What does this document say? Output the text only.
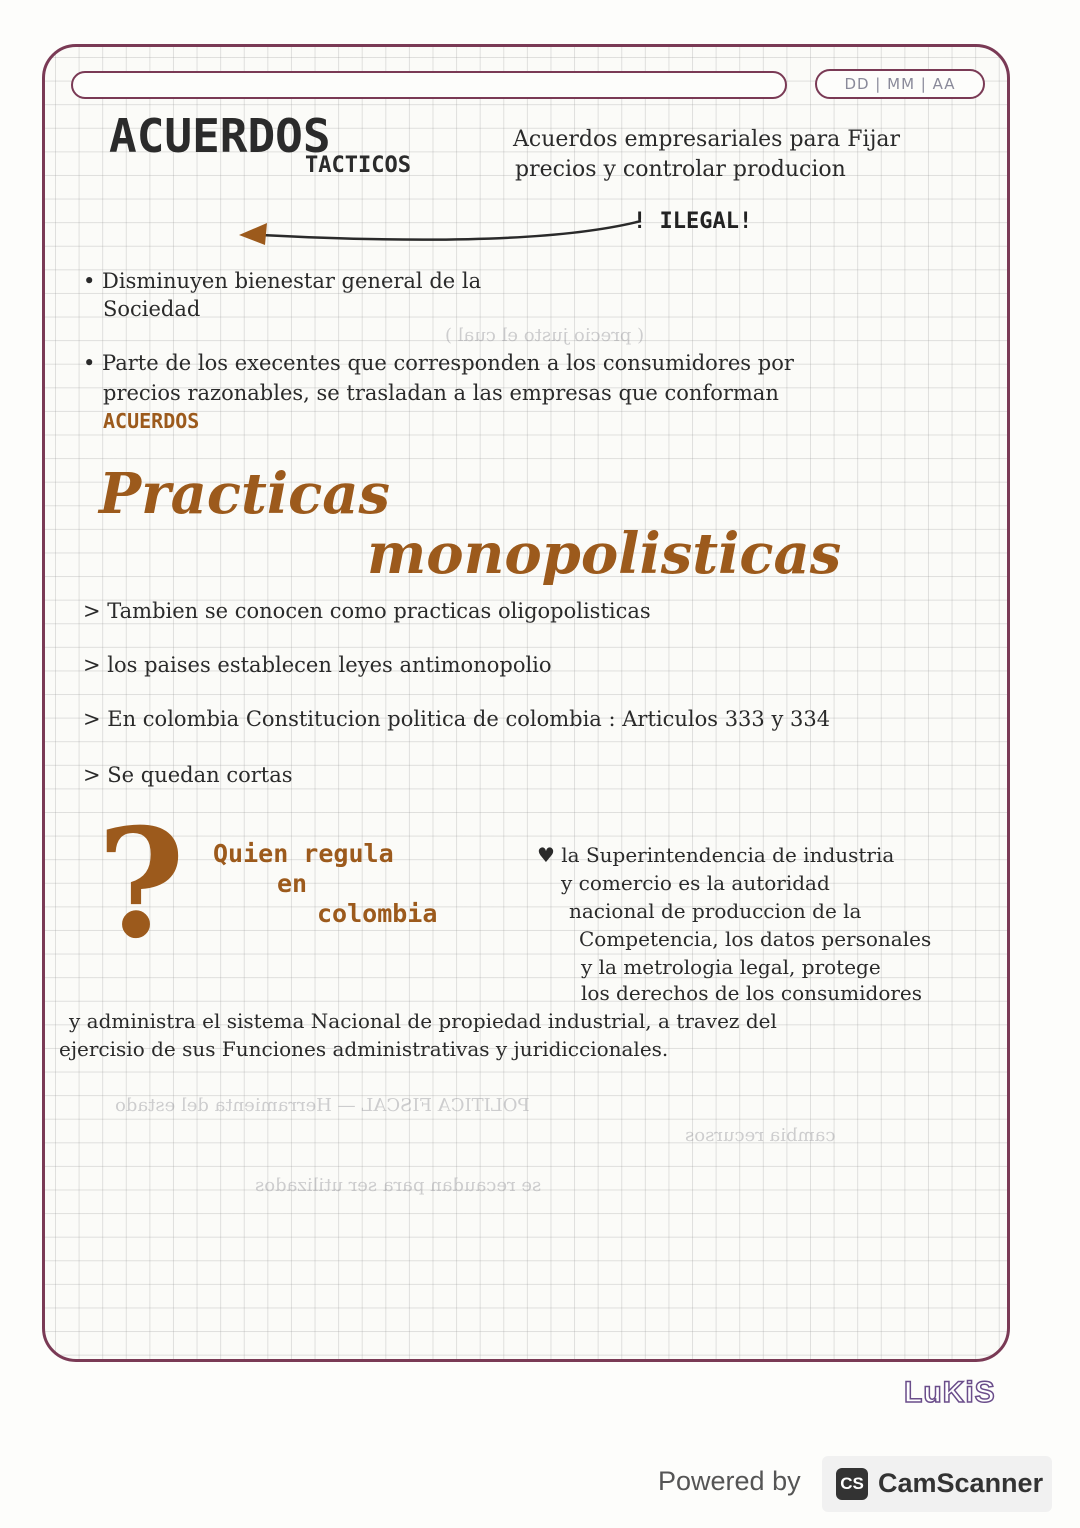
DD | MM | AA
ACUERDOS
TACTICOS
Acuerdos empresariales para Fijar
precios y controlar producion
! ILEGAL!
• Disminuyen bienestar general de la
Sociedad
( precio justo el cual )
• Parte de los execentes que corresponden a los consumidores por
precios razonables, se trasladan a las empresas que conforman
ACUERDOS
Practicas
monopolisticas
> Tambien se conocen como practicas oligopolisticas
> los paises establecen leyes antimonopolio
> En colombia Constitucion politica de colombia : Articulos 333 y 334
> Se quedan cortas
? Quien regula
en
colombia
♥ la Superintendencia de industria
y comercio es la autoridad
nacional de produccion de la
Competencia, los datos personales
y la metrologia legal, protege
los derechos de los consumidores
y administra el sistema Nacional de propiedad industrial, a travez del
ejercisio de sus Funciones administrativas y juridiccionales.
POLITICA FISCAL — Herramienta del estado
cambia recursos
se recaudan para ser utilizados
LuKiS
Powered by CS CamScanner
